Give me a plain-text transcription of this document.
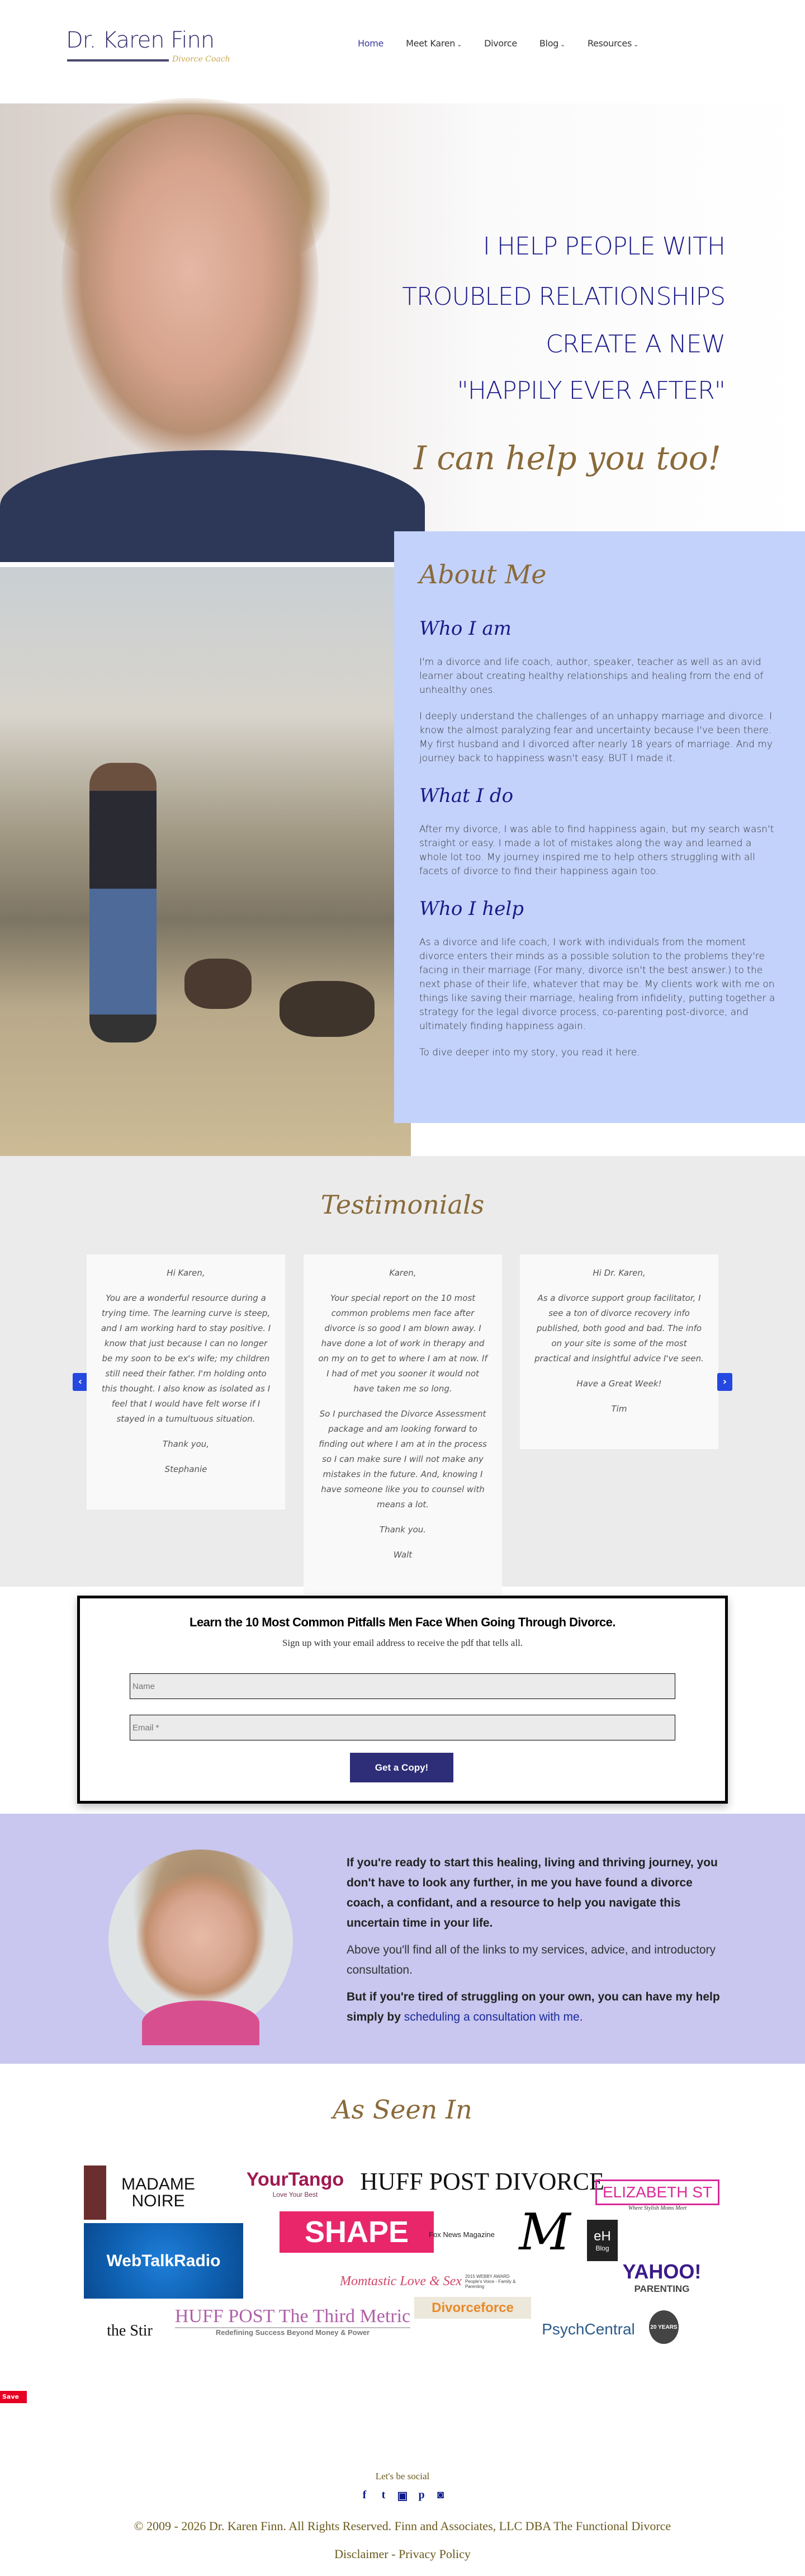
Dr. Karen Finn
Divorce Coach
Home	Meet Karen ⌄	Divorce	Blog ⌄	Resources ⌄
I HELP PEOPLE WITH
TROUBLED RELATIONSHIPS
CREATE A NEW
"HAPPILY EVER AFTER"
I can help you too!
About Me
Who I am

I'm a divorce and life coach, author, speaker, teacher as well as an avid learner about creating healthy relationships and healing from the end of unhealthy ones.

I deeply understand the challenges of an unhappy marriage and divorce. I know the almost paralyzing fear and uncertainty because I've been there. My first husband and I divorced after nearly 18 years of marriage. And my journey back to happiness wasn't easy. BUT I made it.

What I do

After my divorce, I was able to find happiness again, but my search wasn't straight or easy. I made a lot of mistakes along the way and learned a whole lot too. My journey inspired me to help others struggling with all facets of divorce to find their happiness again too.

Who I help

As a divorce and life coach, I work with individuals from the moment divorce enters their minds as a possible solution to the problems they're facing in their marriage (For many, divorce isn't the best answer.) to the next phase of their life, whatever that may be. My clients work with me on things like saving their marriage, healing from infidelity, putting together a strategy for the legal divorce process, co-parenting post-divorce, and ultimately finding happiness again.

To dive deeper into my story, you read it here.

Testimonials
‹

Hi Karen,

You are a wonderful resource during a trying time. The learning curve is steep, and I am working hard to stay positive. I know that just because I can no longer be my soon to be ex's wife; my children still need their father. I'm holding onto this thought. I also know as isolated as I feel that I would have felt worse if I stayed in a tumultuous situation.

Thank you,

Stephanie

Karen,

Your special report on the 10 most common problems men face after divorce is so good I am blown away. I have done a lot of work in therapy and on my on to get to where I am at now. If I had of met you sooner it would not have taken me so long.

So I purchased the Divorce Assessment package and am looking forward to finding out where I am at in the process so I can make sure I will not make any mistakes in the future. And, knowing I have someone like you to counsel with means a lot.

Thank you.

Walt

Hi Dr. Karen,

As a divorce support group facilitator, I see a ton of divorce recovery info published, both good and bad. The info on your site is some of the most practical and insightful advice I've seen.

Have a Great Week!

Tim

›
Learn the 10 Most Common Pitfalls Men Face When Going Through Divorce.
Sign up with your email address to receive the pdf that tells all.
Name
Email *
Get a Copy!

If you're ready to start this healing, living and thriving journey, you don't have to look any further, in me you have found a divorce coach, a confidant, and a resource to help you navigate this uncertain time in your life.

Above you'll find all of the links to my services, advice, and introductory consultation.

But if you're tired of struggling on your own, you can have my help simply by scheduling a consultation with me.

As Seen In
MADAME NOIRE
YourTango
Love Your Best HUFF POST DIVORCE
ELIZABETH ST
Where Stylish Moms Meet
WebTalkRadio
SHAPE	Fox News Magazine M	eH
Blog
YAHOO!
PARENTING
Momtastic Love & Sex 2015 WEBBY AWARD People's Voice - Family & Parenting
the Stir
HUFF POST The Third Metric
Redefining Success Beyond Money & Power
Divorceforce
PsychCentral	20 YEARS
Save
Let's be social
f	t	▣ p ◙
© 2009 - 2026 Dr. Karen Finn. All Rights Reserved. Finn and Associates, LLC DBA The Functional Divorce
Disclaimer - Privacy Policy
